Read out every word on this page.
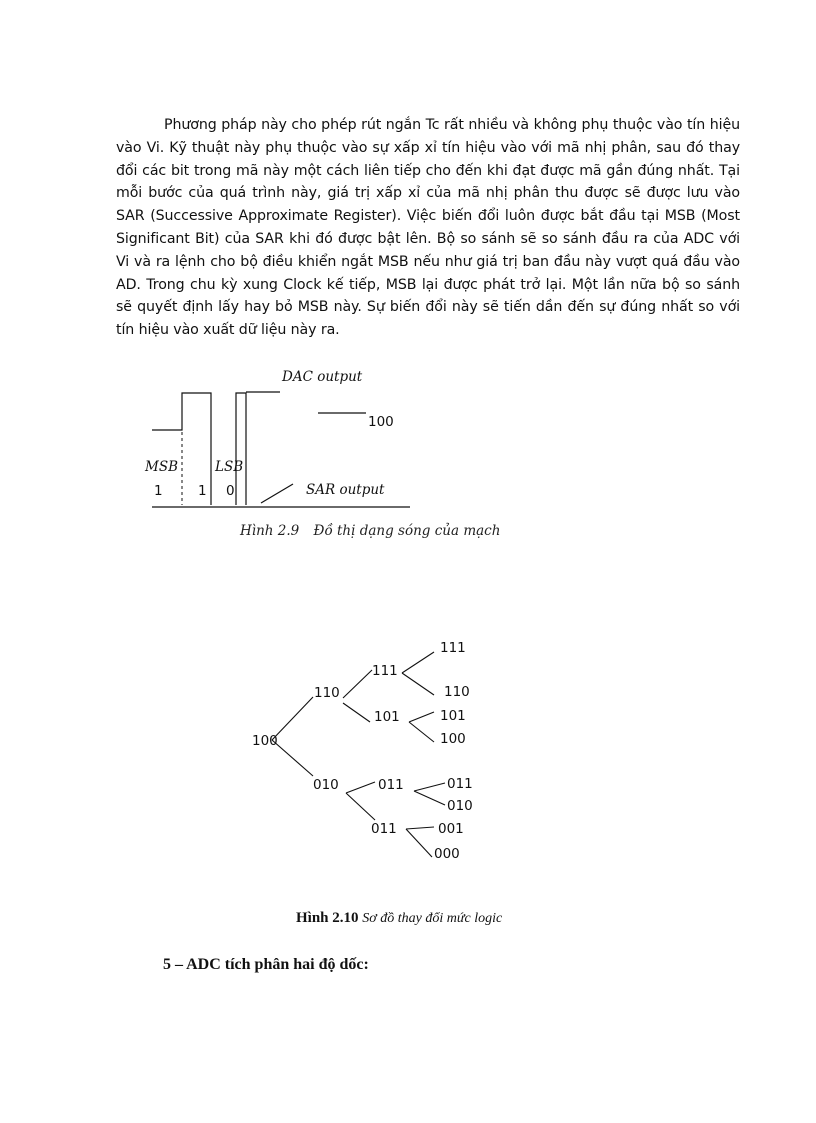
Phương pháp này cho phép rút ngắn Tc rất nhiều và không phụ thuộc vào tín hiệu vào Vi. Kỹ thuật này phụ thuộc vào sự xấp xỉ tín hiệu vào với mã nhị phân, sau đó thay đổi các bit trong mã này một cách liên tiếp cho đến khi đạt được mã gần đúng nhất. Tại mỗi bước của quá trình này, giá trị xấp xỉ của mã nhị phân thu được sẽ được lưu vào SAR (Successive Approximate Register). Việc biến đổi luôn được bắt đầu tại MSB (Most Significant Bit) của SAR khi đó được bật lên. Bộ so sánh sẽ so sánh đầu ra của ADC với Vi và ra lệnh cho bộ điều khiển ngắt MSB nếu như giá trị ban đầu này vượt quá đầu vào AD. Trong chu kỳ xung Clock kế tiếp, MSB lại được phát trở lại. Một lần nữa bộ so sánh sẽ quyết định lấy hay bỏ MSB này. Sự biến đổi này sẽ tiến dần đến sự đúng nhất so với tín hiệu vào xuất dữ liệu này ra.
DAC output
100
MSB	LSB
1	1 0	SAR output
Hình 2.9 Đồ thị dạng sóng của mạch
100
110
010
111
101
011
011
111
110
101
100
011
010
001
000
Hình 2.10 Sơ đồ thay đổi mức logic
5 – ADC tích phân hai độ dốc:
